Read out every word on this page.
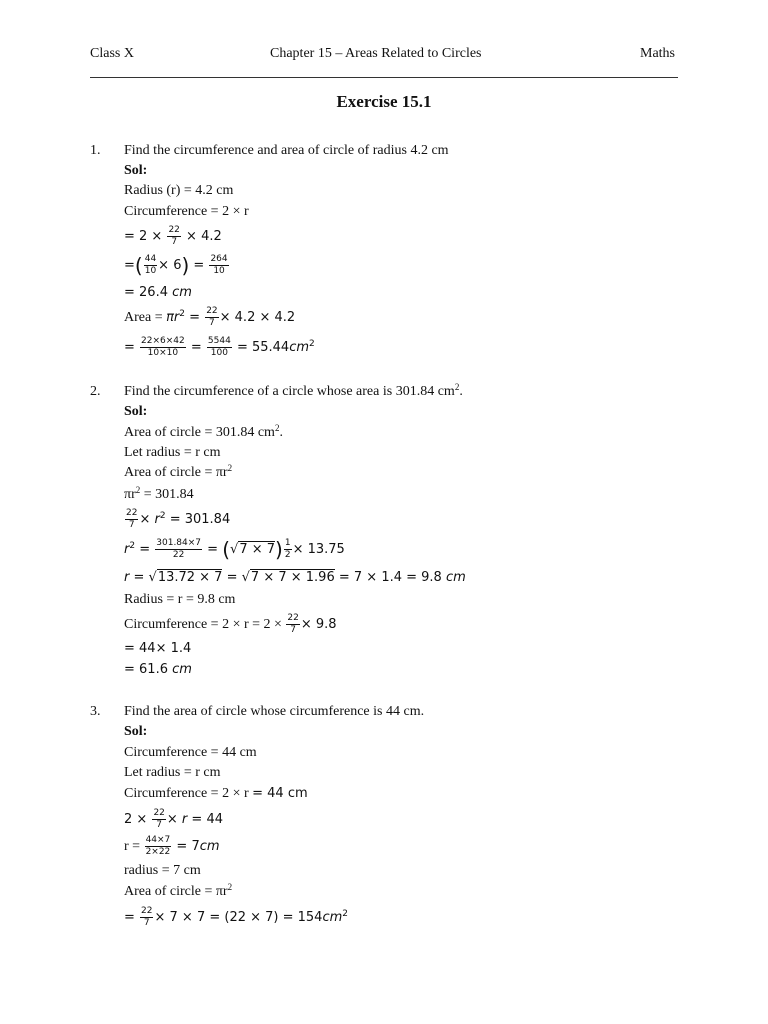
Class X	Chapter 15 – Areas Related to Circles	Maths
Exercise 15.1
1. Find the circumference and area of circle of radius 4.2 cm
Sol:
Radius (r) = 4.2 cm
Circumference = 2 × r
= $2 \times \frac{22}{7} \times 4.2$
=( $\frac{44}{10} \times 6) = \frac{264}{10}$
= 26.4 cm
Area = $\pi r^2 = \frac{22}{7} \times 4.2 \times 4.2$
= $\frac{22\times 6\times 42}{10\times 10} = \frac{5544}{100} = 55.44cm^2$
2. Find the circumference of a circle whose area is 301.84 $cm^2$.
Sol:
Area of circle = 301.84 $cm^2$.
Let radius = r cm
Area of circle = $\pi r^2$
$\pi r^2 = 301.84$
$\frac{22}{7} \times r^2 = 301.84$
$r^2 = \frac{301.84\times 7}{22} = (√7 \times 7) \frac{1}{2} \times 13.75$
r = √13.72 × 7 = √7 × 7 × 1.96 = 7 × 1.4 = 9.8 cm
Radius = r = 9.8 cm
Circumference = $2 \times r = 2 \times \frac{22}{7} \times 9.8$
= 44× 1.4
= 61.6 cm
3. Find the area of circle whose circumference is 44 cm.
Sol:
Circumference = 44 cm
Let radius = r cm
Circumference = 2 × r = 44 cm
$2 \times \frac{22}{7} \times r = 44$
$r = \frac{44\times 7}{2\times 22} = 7cm$
radius = 7 cm
Area of circle = $\pi r^2$
= $\frac{22}{7} \times 7 \times 7 = (22 \times 7) = 154cm^2$
